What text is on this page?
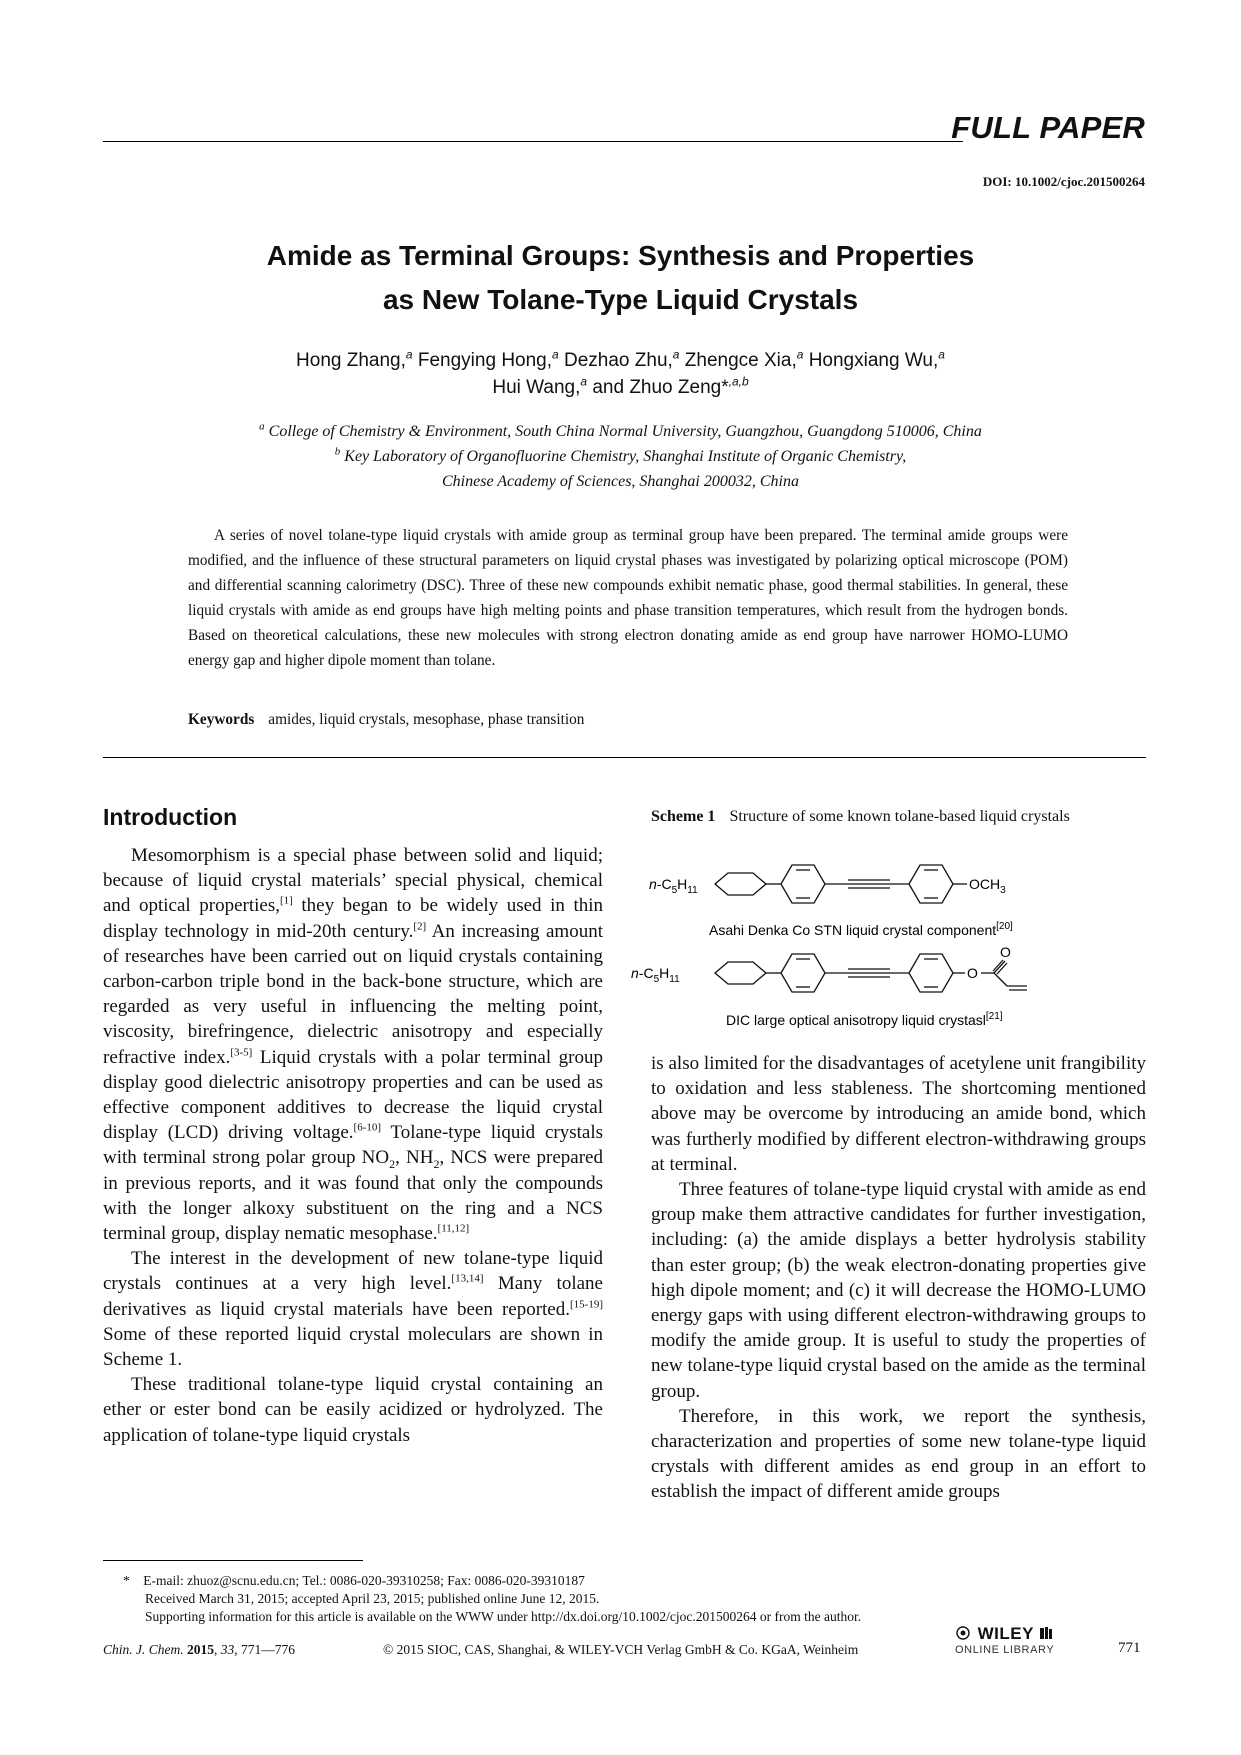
FULL PAPER
DOI: 10.1002/cjoc.201500264
Amide as Terminal Groups: Synthesis and Properties
as New Tolane-Type Liquid Crystals
Hong Zhang,$^a$ Fengying Hong,$^a$ Dezhao Zhu,$^a$ Zhengce Xia,$^a$ Hongxiang Wu,$^a$
Hui Wang,$^a$ and Zhuo Zeng*$^{,a,b}$
$^a$ College of Chemistry & Environment, South China Normal University, Guangzhou, Guangdong 510006, China
$^b$ Key Laboratory of Organofluorine Chemistry, Shanghai Institute of Organic Chemistry,
Chinese Academy of Sciences, Shanghai 200032, China

A series of novel tolane-type liquid crystals with amide group as terminal group have been prepared. The terminal amide groups were modified, and the influence of these structural parameters on liquid crystal phases was investigated by polarizing optical microscope (POM) and differential scanning calorimetry (DSC). Three of these new compounds exhibit nematic phase, good thermal stabilities. In general, these liquid crystals with amide as end groups have high melting points and phase transition temperatures, which result from the hydrogen bonds. Based on theoretical calculations, these new molecules with strong electron donating amide as end group have narrower HOMO-LUMO energy gap and higher dipole moment than tolane.

Keywords amides, liquid crystals, mesophase, phase transition
Introduction

Mesomorphism is a special phase between solid and liquid; because of liquid crystal materials’ special physical, chemical and optical properties,[1] they began to be widely used in thin display technology in mid-20th century.[2] An increasing amount of researches have been carried out on liquid crystals containing carbon-carbon triple bond in the back-bone structure, which are regarded as very useful in influencing the melting point, viscosity, birefringence, dielectric anisotropy and especially refractive index.[3-5] Liquid crystals with a polar terminal group display good dielectric anisotropy properties and can be used as effective component additives to decrease the liquid crystal display (LCD) driving voltage.[6-10] Tolane-type liquid crystals with terminal strong polar group $NO_2$, $NH_2$, NCS were prepared in previous reports, and it was found that only the compounds with the longer alkoxy substituent on the ring and a NCS terminal group, display nematic mesophase.[11,12]

The interest in the development of new tolane-type liquid crystals continues at a very high level.[13,14] Many tolane derivatives as liquid crystal materials have been reported.[15-19] Some of these reported liquid crystal moleculars are shown in Scheme 1.

These traditional tolane-type liquid crystal containing an ether or ester bond can be easily acidized or hydrolyzed. The application of tolane-type liquid crystals

Scheme 1 Structure of some known tolane-based liquid crystals
$n-C_5H_{11}$	$OCH_3$
Asahi Denka Co STN liquid crystal component[20]
$n-C_5H_{11}$	O
O
DIC large optical anisotropy liquid crystasl[21]

is also limited for the disadvantages of acetylene unit frangibility to oxidation and less stableness. The shortcoming mentioned above may be overcome by introducing an amide bond, which was furtherly modified by different electron-withdrawing groups at terminal.

Three features of tolane-type liquid crystal with amide as end group make them attractive candidates for further investigation, including: (a) the amide displays a better hydrolysis stability than ester group; (b) the weak electron-donating properties give high dipole moment; and (c) it will decrease the HOMO-LUMO energy gaps with using different electron-withdrawing groups to modify the amide group. It is useful to study the properties of new tolane-type liquid crystal based on the amide as the terminal group.

Therefore, in this work, we report the synthesis, characterization and properties of some new tolane-type liquid crystals with different amides as end group in an effort to establish the impact of different amide groups

* E-mail: zhuoz@scnu.edu.cn; Tel.: 0086-020-39310258; Fax: 0086-020-39310187
Received March 31, 2015; accepted April 23, 2015; published online June 12, 2015.
Supporting information for this article is available on the WWW under http://dx.doi.org/10.1002/cjoc.201500264 or from the author.
Chin. J. Chem. 2015, 33, 771—776	© 2015 SIOC, CAS, Shanghai, & WILEY-VCH Verlag GmbH & Co. KGaA, Weinheim
WILEY
ONLINE LIBRARY	771
